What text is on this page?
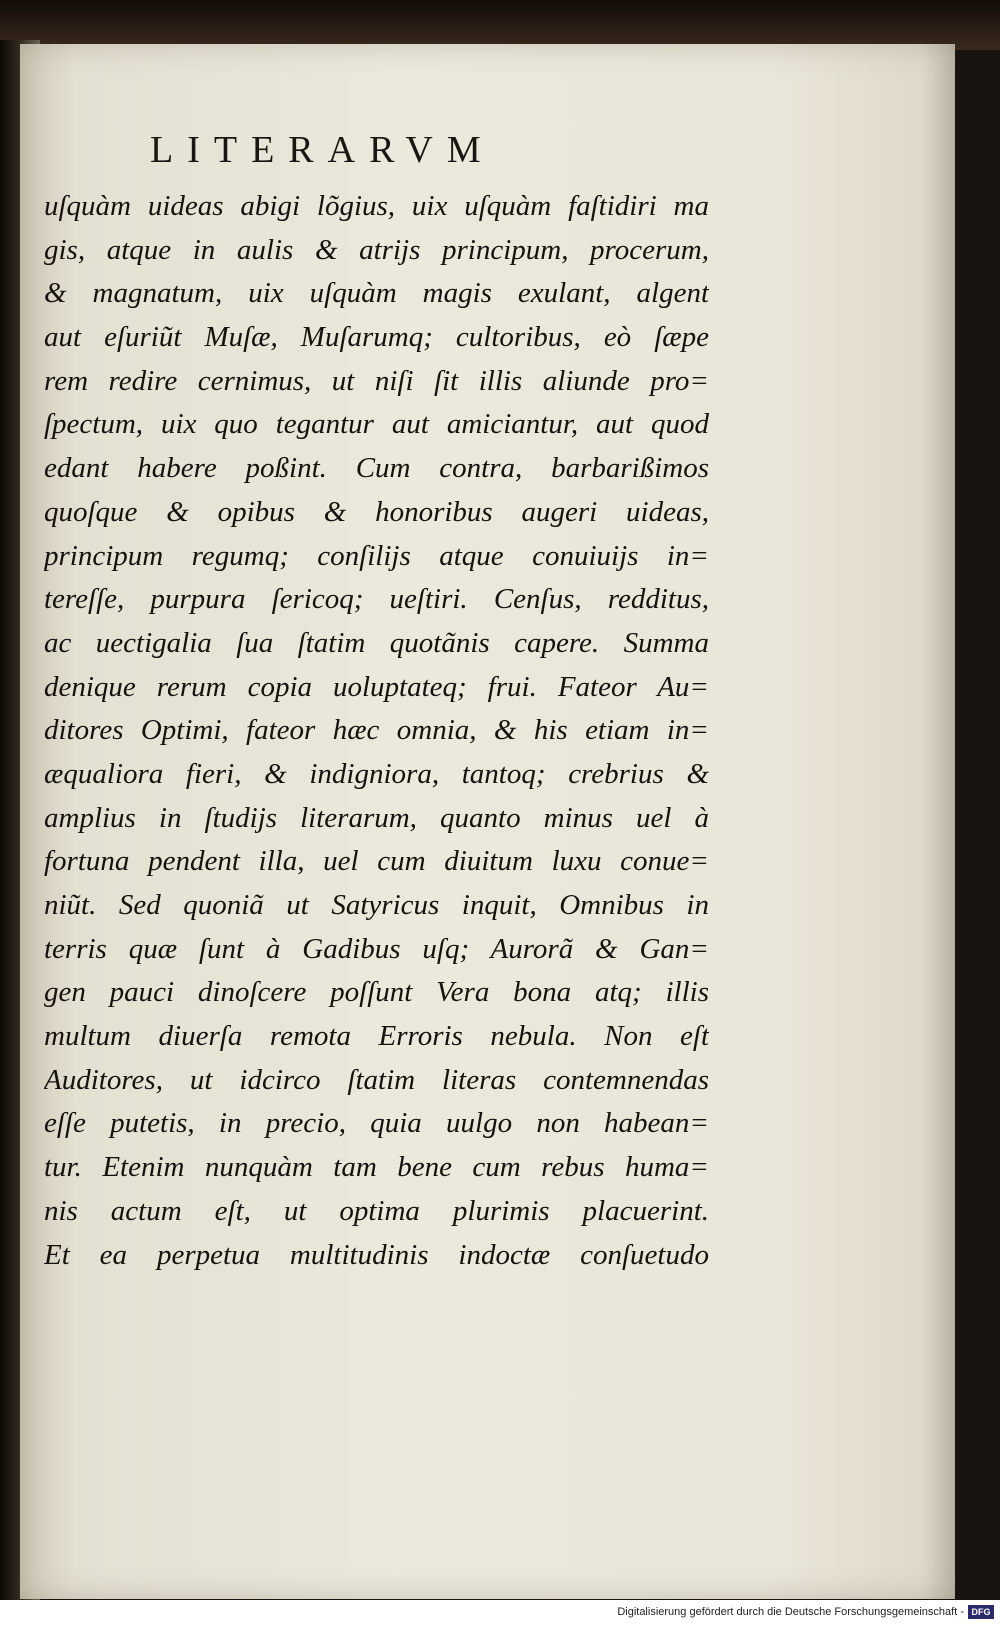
LITERARVM
uſquàm uideas abigi lõgius, uix uſquàm faſtidiri ma
gis, atque in aulis & atrijs principum, procerum,
& magnatum, uix uſquàm magis exulant, algent
aut eſuriũt Muſæ, Muſarumq; cultoribus, eò ſæpe
rem redire cernimus, ut niſi ſit illis aliunde pro=
ſpectum, uix quo tegantur aut amiciantur, aut quod
edant habere poßint. Cum contra, barbarißimos
quoſque & opibus & honoribus augeri uideas,
principum regumq; conſilijs atque conuiuijs in=
tereſſe, purpura ſericoq; ueſtiri. Cenſus, redditus,
ac uectigalia ſua ſtatim quotãnis capere. Summa
denique rerum copia uoluptateq; frui. Fateor Au=
ditores Optimi, fateor hæc omnia, & his etiam in=
æqualiora fieri, & indigniora, tantoq; crebrius &
amplius in ſtudijs literarum, quanto minus uel à
fortuna pendent illa, uel cum diuitum luxu conue=
niũt. Sed quoniã ut Satyricus inquit, Omnibus in
terris quæ ſunt à Gadibus uſq; Aurorã & Gan=
gen pauci dinoſcere poſſunt Vera bona atq; illis
multum diuerſa remota Erroris nebula. Non eſt
Auditores, ut idcirco ſtatim literas contemnendas
eſſe putetis, in precio, quia uulgo non habean=
tur. Etenim nunquàm tam bene cum rebus huma=
nis actum eſt, ut optima plurimis placuerint.
Et ea perpetua multitudinis indoctæ conſuetudo
Digitalisierung gefördert durch die Deutsche Forschungsgemeinschaft - DFG
